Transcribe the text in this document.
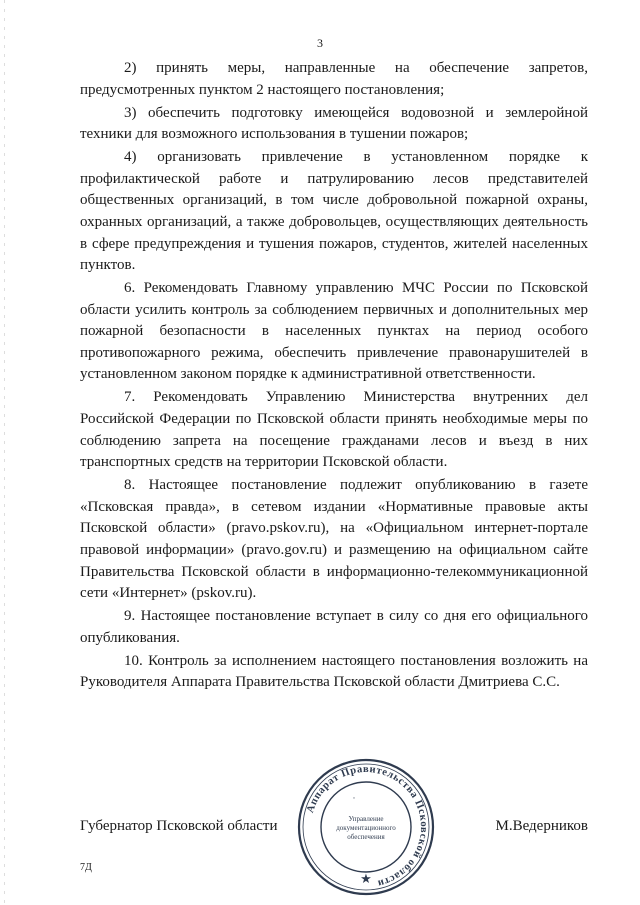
3

2) принять меры, направленные на обеспечение запретов, предусмотренных пунктом 2 настоящего постановления;

3) обеспечить подготовку имеющейся водовозной и землеройной техники для возможного использования в тушении пожаров;

4) организовать привлечение в установленном порядке к профилактической работе и патрулированию лесов представителей общественных организаций, в том числе добровольной пожарной охраны, охранных организаций, а также добровольцев, осуществляющих деятельность в сфере предупреждения и тушения пожаров, студентов, жителей населенных пунктов.

6. Рекомендовать Главному управлению МЧС России по Псковской области усилить контроль за соблюдением первичных и дополнительных мер пожарной безопасности в населенных пунктах на период особого противопожарного режима, обеспечить привлечение правонарушителей в установленном законом порядке к административной ответственности.

7. Рекомендовать Управлению Министерства внутренних дел Российской Федерации по Псковской области принять необходимые меры по соблюдению запрета на посещение гражданами лесов и въезд в них транспортных средств на территории Псковской области.

8. Настоящее постановление подлежит опубликованию в газете «Псковская правда», в сетевом издании «Нормативные правовые акты Псковской области» (pravo.pskov.ru), на «Официальном интернет-портале правовой информации» (pravo.gov.ru) и размещению на официальном сайте Правительства Псковской области в информационно-телекоммуникационной сети «Интернет» (pskov.ru).

9. Настоящее постановление вступает в силу со дня его официального опубликования.

10. Контроль за исполнением настоящего постановления возложить на Руководителя Аппарата Правительства Псковской области Дмитриева С.С.

Губернатор Псковской области	М.Ведерников
Аппарат Правительства Псковской области
Управление
документационного
обеспечения
★
·
7Д
